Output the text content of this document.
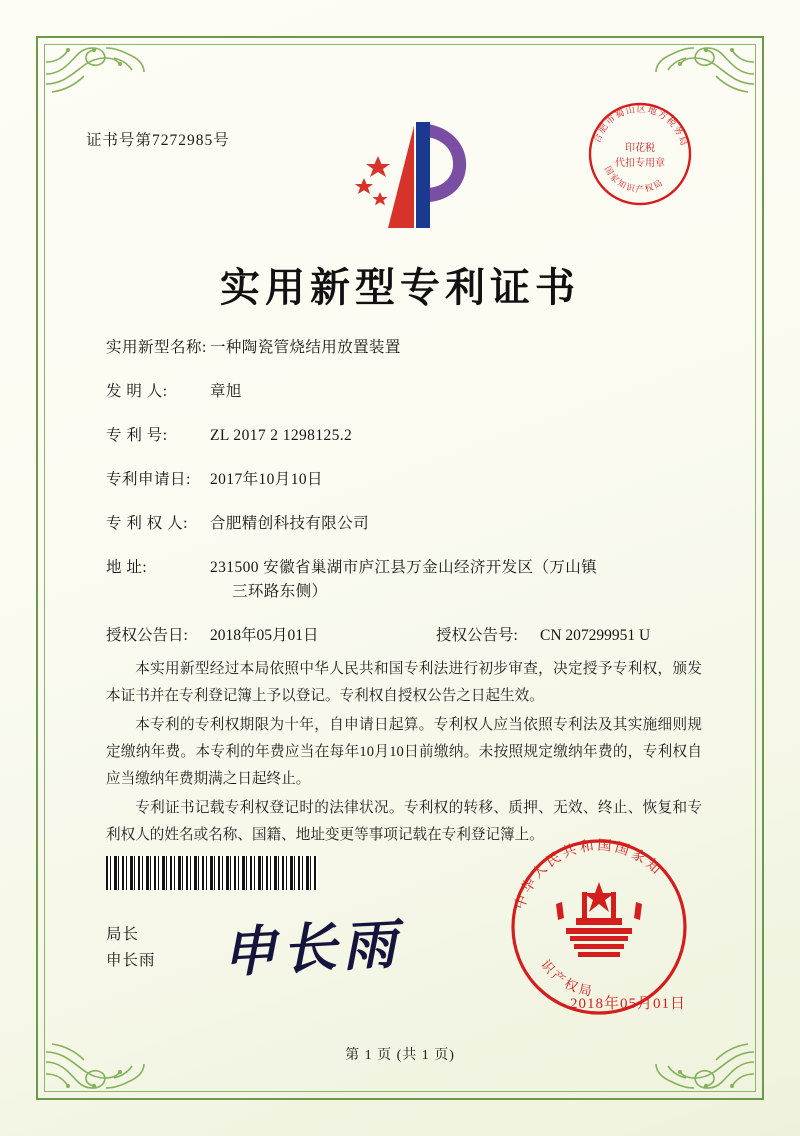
证书号第7272985号	合肥市蜀山区地方税务局
国家知识产权局
印花税
代扣专用章
实用新型专利证书
实用新型名称: 一种陶瓷管烧结用放置装置
发 明 人:	章旭
专 利 号:	ZL 2017 2 1298125.2
专利申请日:	2017年10月10日
专 利 权 人:	合肥精创科技有限公司
地 址:	231500 安徽省巢湖市庐江县万金山经济开发区（万山镇
三环路东侧）
授权公告日:	2018年05月01日	授权公告号:	CN 207299951 U

本实用新型经过本局依照中华人民共和国专利法进行初步审查，决定授予专利权，颁发本证书并在专利登记簿上予以登记。专利权自授权公告之日起生效。

本专利的专利权期限为十年，自申请日起算。专利权人应当依照专利法及其实施细则规定缴纳年费。本专利的年费应当在每年10月10日前缴纳。未按照规定缴纳年费的，专利权自应当缴纳年费期满之日起终止。

专利证书记载专利权登记时的法律状况。专利权的转移、质押、无效、终止、恢复和专利权人的姓名或名称、国籍、地址变更等事项记载在专利登记簿上。

局长
申长雨 申长雨
中华人民共和国国家知
识产权局
2018年05月01日
第 1 页 (共 1 页)
